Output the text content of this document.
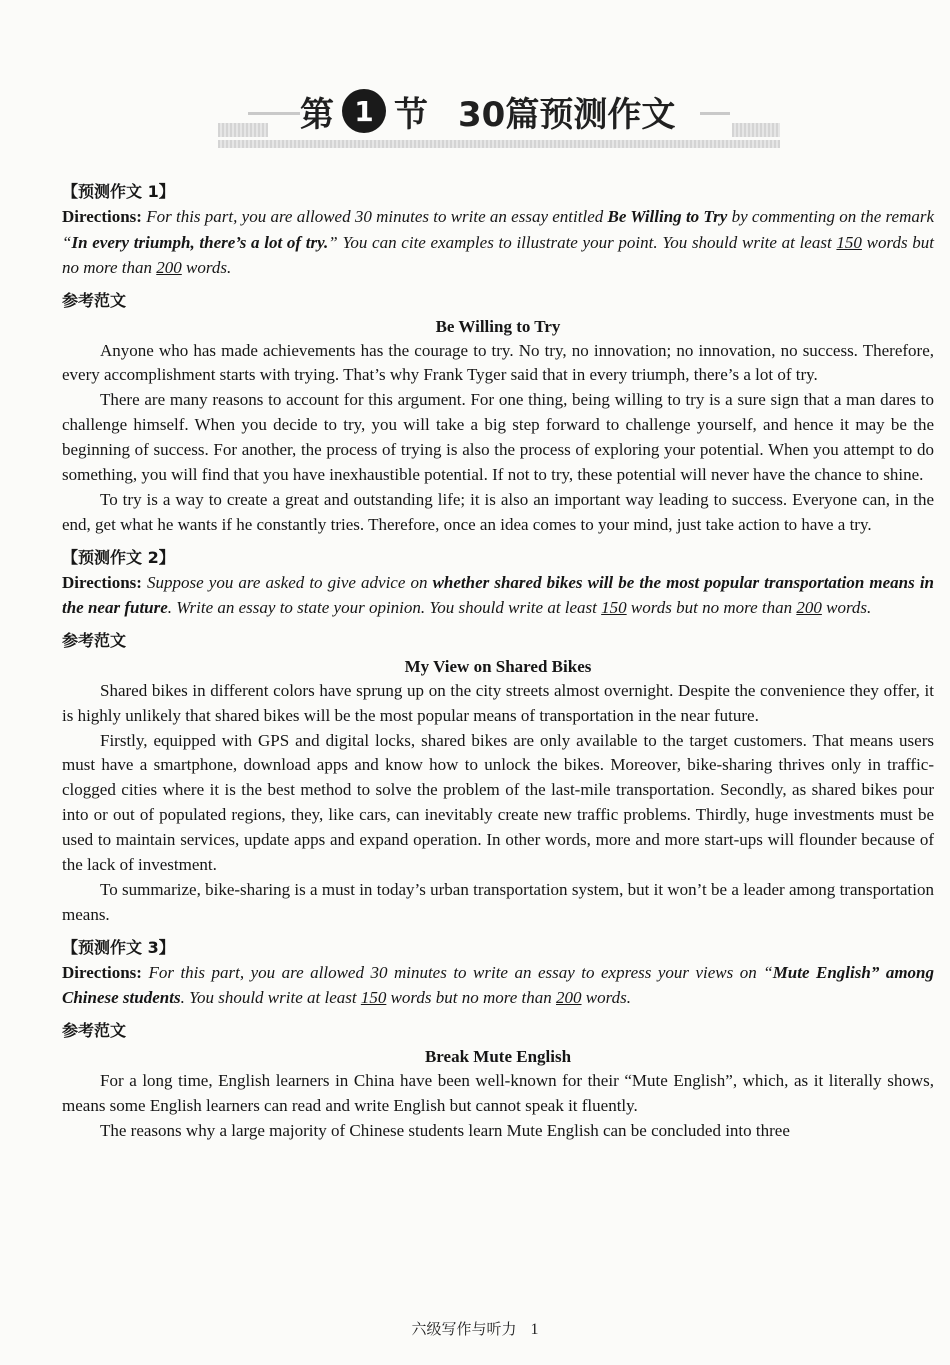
第 1 节 30篇预测作文
【预测作文 1】
Directions: For this part, you are allowed 30 minutes to write an essay entitled Be Willing to Try by commenting on the remark “In every triumph, there’s a lot of try.” You can cite examples to illustrate your point. You should write at least 150 words but no more than 200 words.
参考范文
Be Willing to Try

Anyone who has made achievements has the courage to try. No try, no innovation; no innovation, no success. Therefore, every accomplishment starts with trying. That’s why Frank Tyger said that in every triumph, there’s a lot of try.

There are many reasons to account for this argument. For one thing, being willing to try is a sure sign that a man dares to challenge himself. When you decide to try, you will take a big step forward to challenge yourself, and hence it may be the beginning of success. For another, the process of trying is also the process of exploring your potential. When you attempt to do something, you will find that you have inexhaustible potential. If not to try, these potential will never have the chance to shine.

To try is a way to create a great and outstanding life; it is also an important way leading to success. Everyone can, in the end, get what he wants if he constantly tries. Therefore, once an idea comes to your mind, just take action to have a try.

【预测作文 2】
Directions: Suppose you are asked to give advice on whether shared bikes will be the most popular transportation means in the near future. Write an essay to state your opinion. You should write at least 150 words but no more than 200 words.
参考范文
My View on Shared Bikes

Shared bikes in different colors have sprung up on the city streets almost overnight. Despite the convenience they offer, it is highly unlikely that shared bikes will be the most popular means of transportation in the near future.

Firstly, equipped with GPS and digital locks, shared bikes are only available to the target customers. That means users must have a smartphone, download apps and know how to unlock the bikes. Moreover, bike-sharing thrives only in traffic-clogged cities where it is the best method to solve the problem of the last-mile transportation. Secondly, as shared bikes pour into or out of populated regions, they, like cars, can inevitably create new traffic problems. Thirdly, huge investments must be used to maintain services, update apps and expand operation. In other words, more and more start-ups will flounder because of the lack of investment.

To summarize, bike-sharing is a must in today’s urban transportation system, but it won’t be a leader among transportation means.

【预测作文 3】
Directions: For this part, you are allowed 30 minutes to write an essay to express your views on “Mute English” among Chinese students. You should write at least 150 words but no more than 200 words.
参考范文
Break Mute English

For a long time, English learners in China have been well-known for their “Mute English”, which, as it literally shows, means some English learners can read and write English but cannot speak it fluently.

The reasons why a large majority of Chinese students learn Mute English can be concluded into three

六级写作与听力 1
